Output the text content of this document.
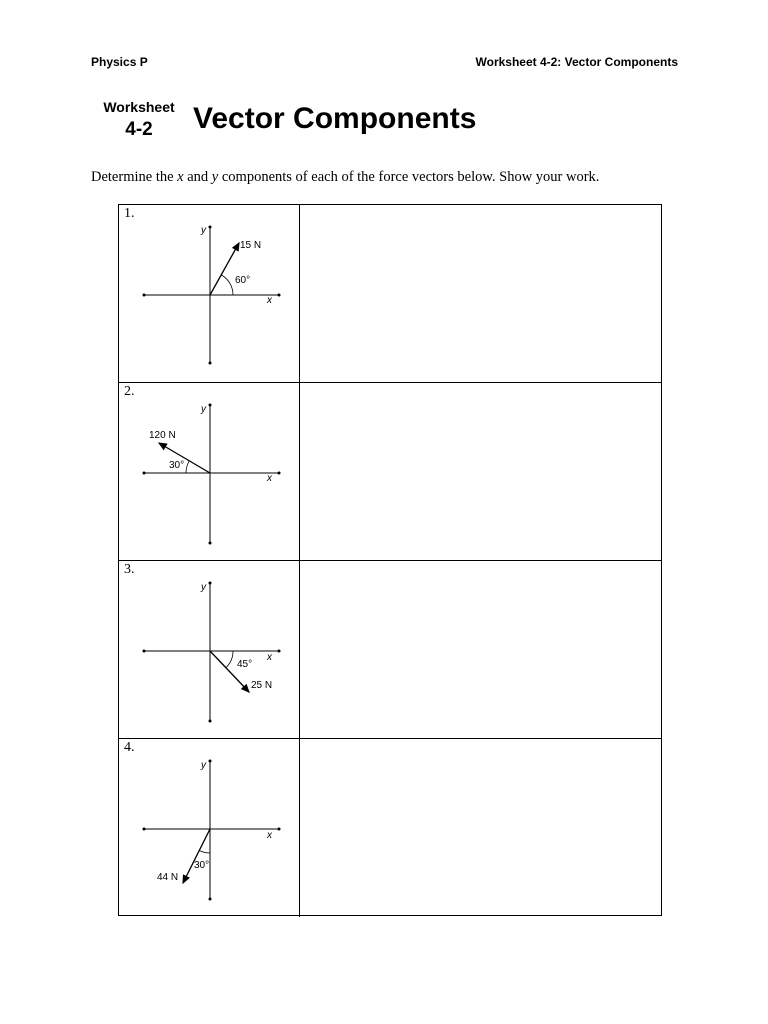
Physics P	Worksheet 4-2: Vector Components
Worksheet
4-2	Vector Components
Determine the x and y components of each of the force vectors below. Show your work.
1.
y
x
15 N
60°
2.
y
x
120 N
30°
3.
y
x
45°
25 N
4.
y
x
30°
44 N
